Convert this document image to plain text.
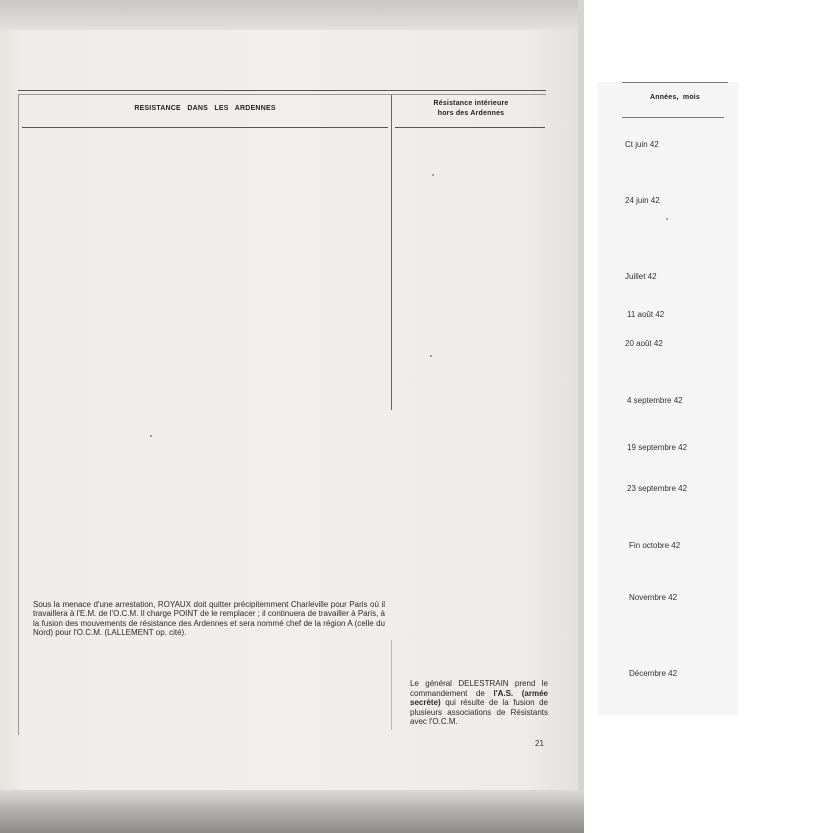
RESISTANCE   DANS   LES   ARDENNES
Résistance intérieure
hors des Ardennes
Années,  mois
Ct juin 42
24 juin 42
Juillet 42
11 août 42
20 août 42
4 septembre 42
19 septembre 42
23 septembre 42
Fin octobre 42
Novembre 42
Décembre 42
Sous la menace d'une arrestation, ROYAUX doit quitter précipitemment Charleville pour Paris où il travaillera à l'E.M. de l'O.C.M. Il charge POINT de le remplacer ; il continuera de travailler à Paris, à la fusion des mouvements de résistance des Ardennes et sera nommé chef de la région A (celle du Nord) pour l'O.C.M. (LALLEMENT op. cité).
Le général DELESTRAIN prend le commandement de l'A.S. (armée secrète) qui résulte de la fusion de plusieurs associations de Résistants avec l'O.C.M.
21
